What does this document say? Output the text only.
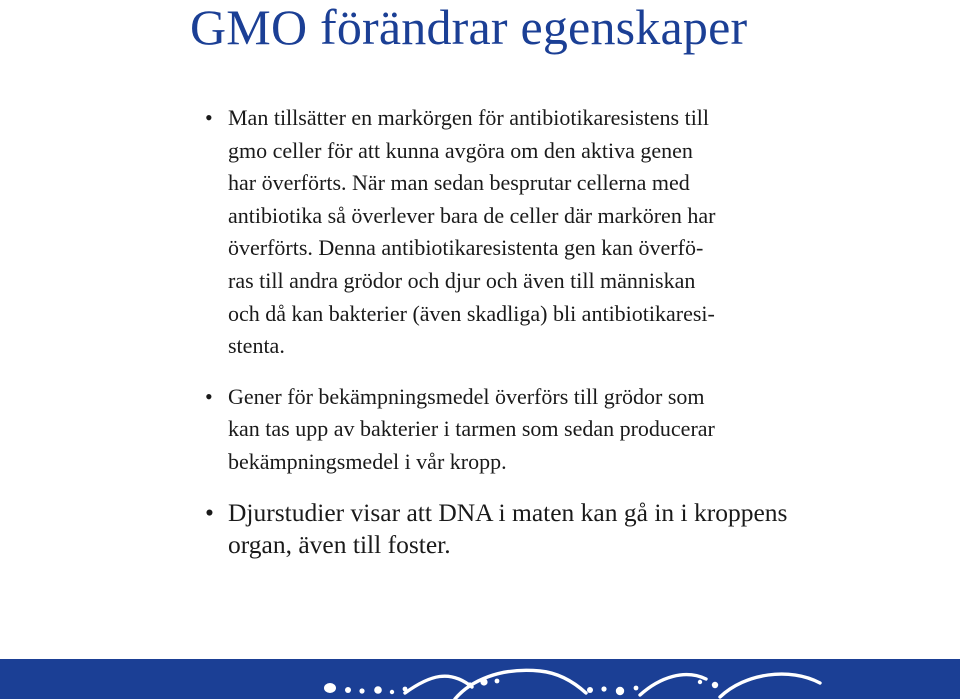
GMO förändrar egenskaper
• Man tillsätter en markörgen för antibiotikaresistens till
gmo celler för att kunna avgöra om den aktiva genen
har överförts. När man sedan besprutar cellerna med
antibiotika så överlever bara de celler där markören har
överförts. Denna antibiotikaresistenta gen kan överfö-
ras till andra grödor och djur och även till människan
och då kan bakterier (även skadliga) bli antibiotikaresi-
stenta.
• Gener för bekämpningsmedel överförs till grödor som
kan tas upp av bakterier i tarmen som sedan producerar
bekämpningsmedel i vår kropp.
• Djurstudier visar att DNA i maten kan gå in i kroppens
organ, även till foster.
